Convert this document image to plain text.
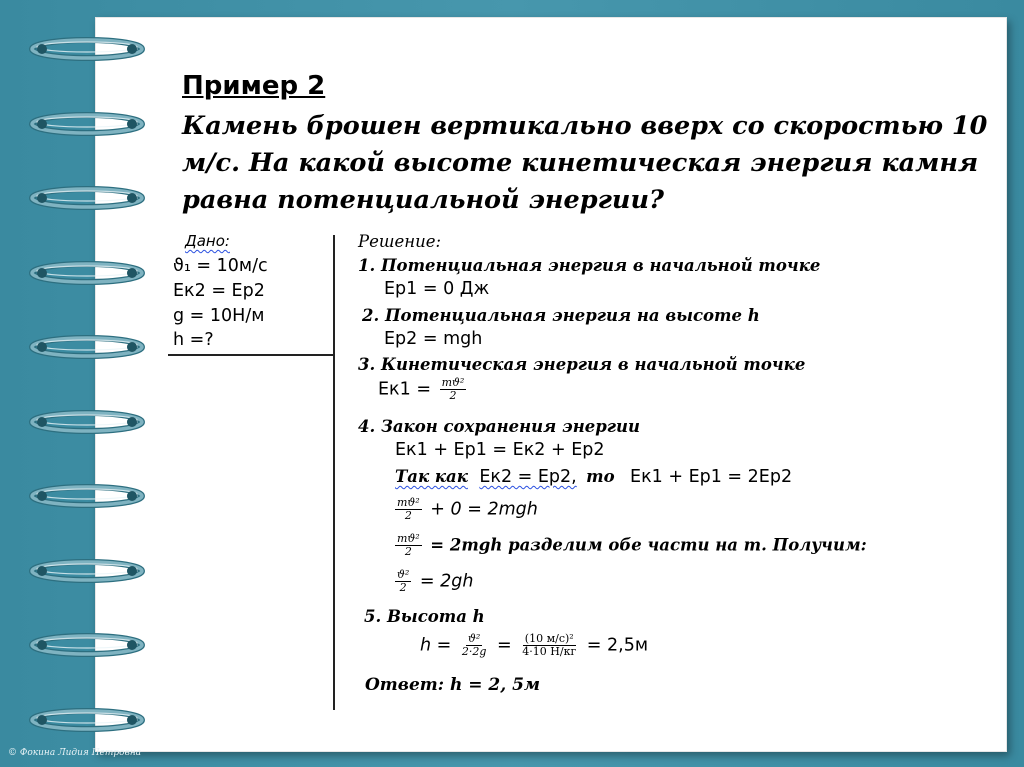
Пример 2

Камень брошен вертикально вверх со скоростью 10 м/с. На какой высоте кинетическая энергия камня равна потенциальной энергии?

Дано:
ϑ₁ = 10м/с
Eк2 = Ep2
g = 10Н/м
h =?
Решение:
1. Потенциальная энергия в начальной точке
Ep1 = 0 Дж
2. Потенциальная энергия на высоте h
Ep2 = mgh
3. Кинетическая энергия в начальной точке
$Eк1 = \frac{\text{mϑ²}}{2}$
4. Закон сохранения энергии
Eк1 + Ep1 = Eк2 + Ep2
Так как Eк2 = Ep2, то Eк1 + Ep1 = 2Ep2
$\frac{\text{mϑ²}}{2} + 0 = 2mgh$
$\frac{\text{mϑ²}}{2} = 2mgh$ разделим обе части на m. Получим:
$\frac{\text{ϑ²}}{2} = 2gh$
5. Высота h
$h = \frac{\text{ϑ²}}{2\cdot 2g} = \frac{\text{(10 м/с)²}}{4\cdot 10 Н/кг} = 2,5м$
Ответ: h = 2, 5м
© Фокина Лидия Петровна
